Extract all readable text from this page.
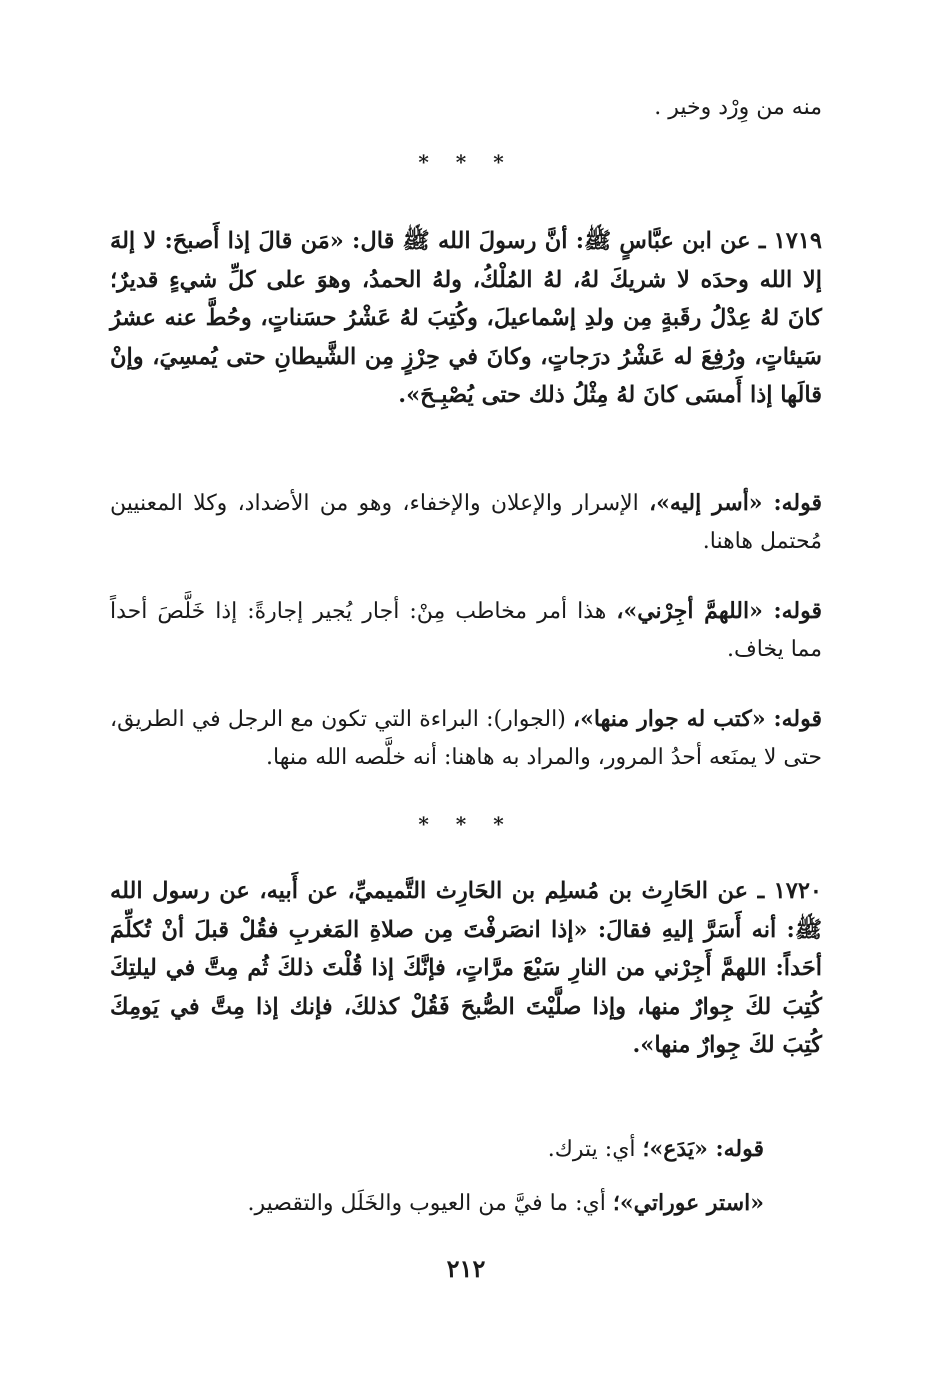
منه من وِرْد وخير .
* * *

١٧١٩ ـ عن ابن عبَّاسٍ ﷺ: أنَّ رسولَ الله ﷺ قال: «مَن قالَ إذا أَصبحَ: لا إلهَ إلا الله وحدَه لا شريكَ لهُ، لهُ المُلْكُ، ولهُ الحمدُ، وهوَ على كلِّ شيءٍ قديرٌ؛ كانَ لهُ عِدْلُ رقَبةٍ مِن ولدِ إسْماعيلَ، وكُتِبَ لهُ عَشْرُ حسَناتٍ، وحُطَّ عنه عشرُ سَيئاتٍ، ورُفِعَ له عَشْرُ درَجاتٍ، وكانَ في حِرْزٍ مِن الشَّيطانِ حتى يُمسِيَ، وإنْ قالَها إذا أَمسَى كانَ لهُ مِثْلُ ذلك حتى يُصْبِـحَ».

قوله: «أسر إليه»، الإسرار والإعلان والإخفاء، وهو من الأضداد، وكلا المعنيين مُحتمل هاهنا.

قوله: «اللهمَّ أجِرْني»، هذا أمر مخاطب مِنْ: أجار يُجير إجارةً: إذا خَلَّصَ أحداً مما يخاف.

قوله: «كتب له جوار منها»، (الجوار): البراءة التي تكون مع الرجل في الطريق، حتى لا يمنَعه أحدُ المرور، والمراد به هاهنا: أنه خلَّصه الله منها.

* * *

١٧٢٠ ـ عن الحَارِث بن مُسلِم بن الحَارِث التَّميميِّ، عن أَبيه، عن رسول الله ﷺ: أنه أَسَرَّ إليهِ فقالَ: «إذا انصَرفْتَ مِن صلاةِ المَغربِ فقُلْ قبلَ أنْ تُكلِّمَ أحَداً: اللهمَّ أَجِرْني من النارِ سَبْعَ مرَّاتٍ، فإنَّكَ إذا قُلْتَ ذلكَ ثُم مِتَّ في ليلتِكَ كُتِبَ لكَ جِوارٌ منها، وإذا صلَّيْتَ الصُّبحَ فَقُلْ كذلكَ، فإنك إذا مِتَّ في يَومِكَ كُتِبَ لكَ جِوارٌ منها».

قوله: «يَدَع»؛ أي: يترك.

«استر عوراتي»؛ أي: ما فيَّ من العيوب والخَلَل والتقصير.

٢١٢
